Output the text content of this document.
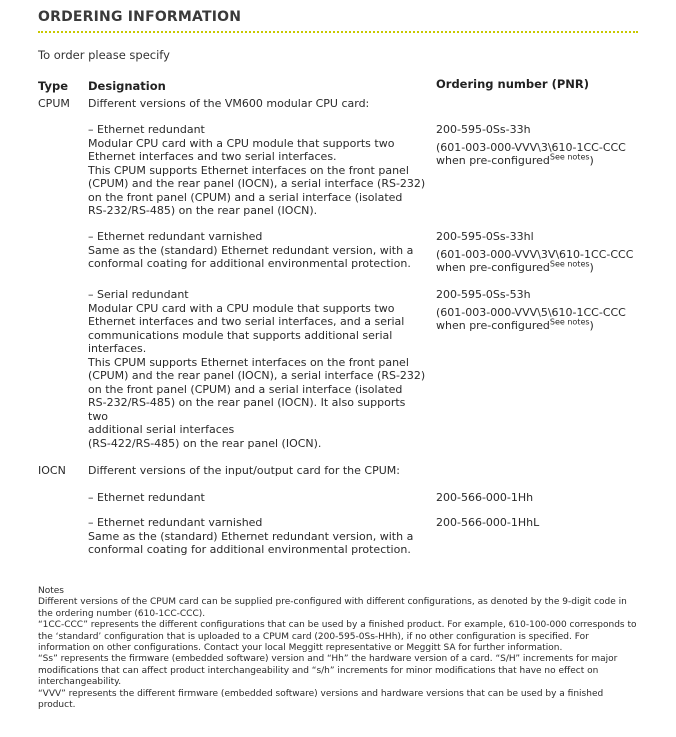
ORDERING INFORMATION
To order please specify
Type Designation	Ordering number (PNR)
CPUM Different versions of the VM600 modular CPU card:
– Ethernet redundant
Modular CPU card with a CPU module that supports two
Ethernet interfaces and two serial interfaces.
This CPUM supports Ethernet interfaces on the front panel
(CPUM) and the rear panel (IOCN), a serial interface (RS-232)
on the front panel (CPUM) and a serial interface (isolated
RS-232/RS-485) on the rear panel (IOCN).
200-595-0Ss-33h
(601-003-000-VVV\3\610-1CC-CCC
when pre-configured$^{See notes}$)
– Ethernet redundant varnished
Same as the (standard) Ethernet redundant version, with a
conformal coating for additional environmental protection.
200-595-0Ss-33hl
(601-003-000-VVV\3V\610-1CC-CCC
when pre-configured$^{See notes}$)
– Serial redundant
Modular CPU card with a CPU module that supports two
Ethernet interfaces and two serial interfaces, and a serial
communications module that supports additional serial
interfaces.
This CPUM supports Ethernet interfaces on the front panel
(CPUM) and the rear panel (IOCN), a serial interface (RS-232)
on the front panel (CPUM) and a serial interface (isolated
RS-232/RS-485) on the rear panel (IOCN). It also supports two
additional serial interfaces
(RS-422/RS-485) on the rear panel (IOCN).
200-595-0Ss-53h
(601-003-000-VVV\5\610-1CC-CCC
when pre-configured$^{See notes}$)
IOCN Different versions of the input/output card for the CPUM:
– Ethernet redundant	200-566-000-1Hh
– Ethernet redundant varnished
Same as the (standard) Ethernet redundant version, with a
conformal coating for additional environmental protection.
200-566-000-1HhL

Notes

Different versions of the CPUM card can be supplied pre-configured with different configurations, as denoted by the 9-digit code in the ordering number (610-1CC-CCC).

“1CC-CCC” represents the different configurations that can be used by a finished product. For example, 610-100-000 corresponds to the ‘standard’ configuration that is uploaded to a CPUM card (200-595-0Ss-HHh), if no other configuration is specified. For information on other configurations. Contact your local Meggitt representative or Meggitt SA for further information.

“Ss” represents the firmware (embedded software) version and “Hh” the hardware version of a card. “S/H” increments for major modifications that can affect product interchangeability and “s/h” increments for minor modifications that have no effect on interchangeability.

“VVV” represents the different firmware (embedded software) versions and hardware versions that can be used by a finished product.
